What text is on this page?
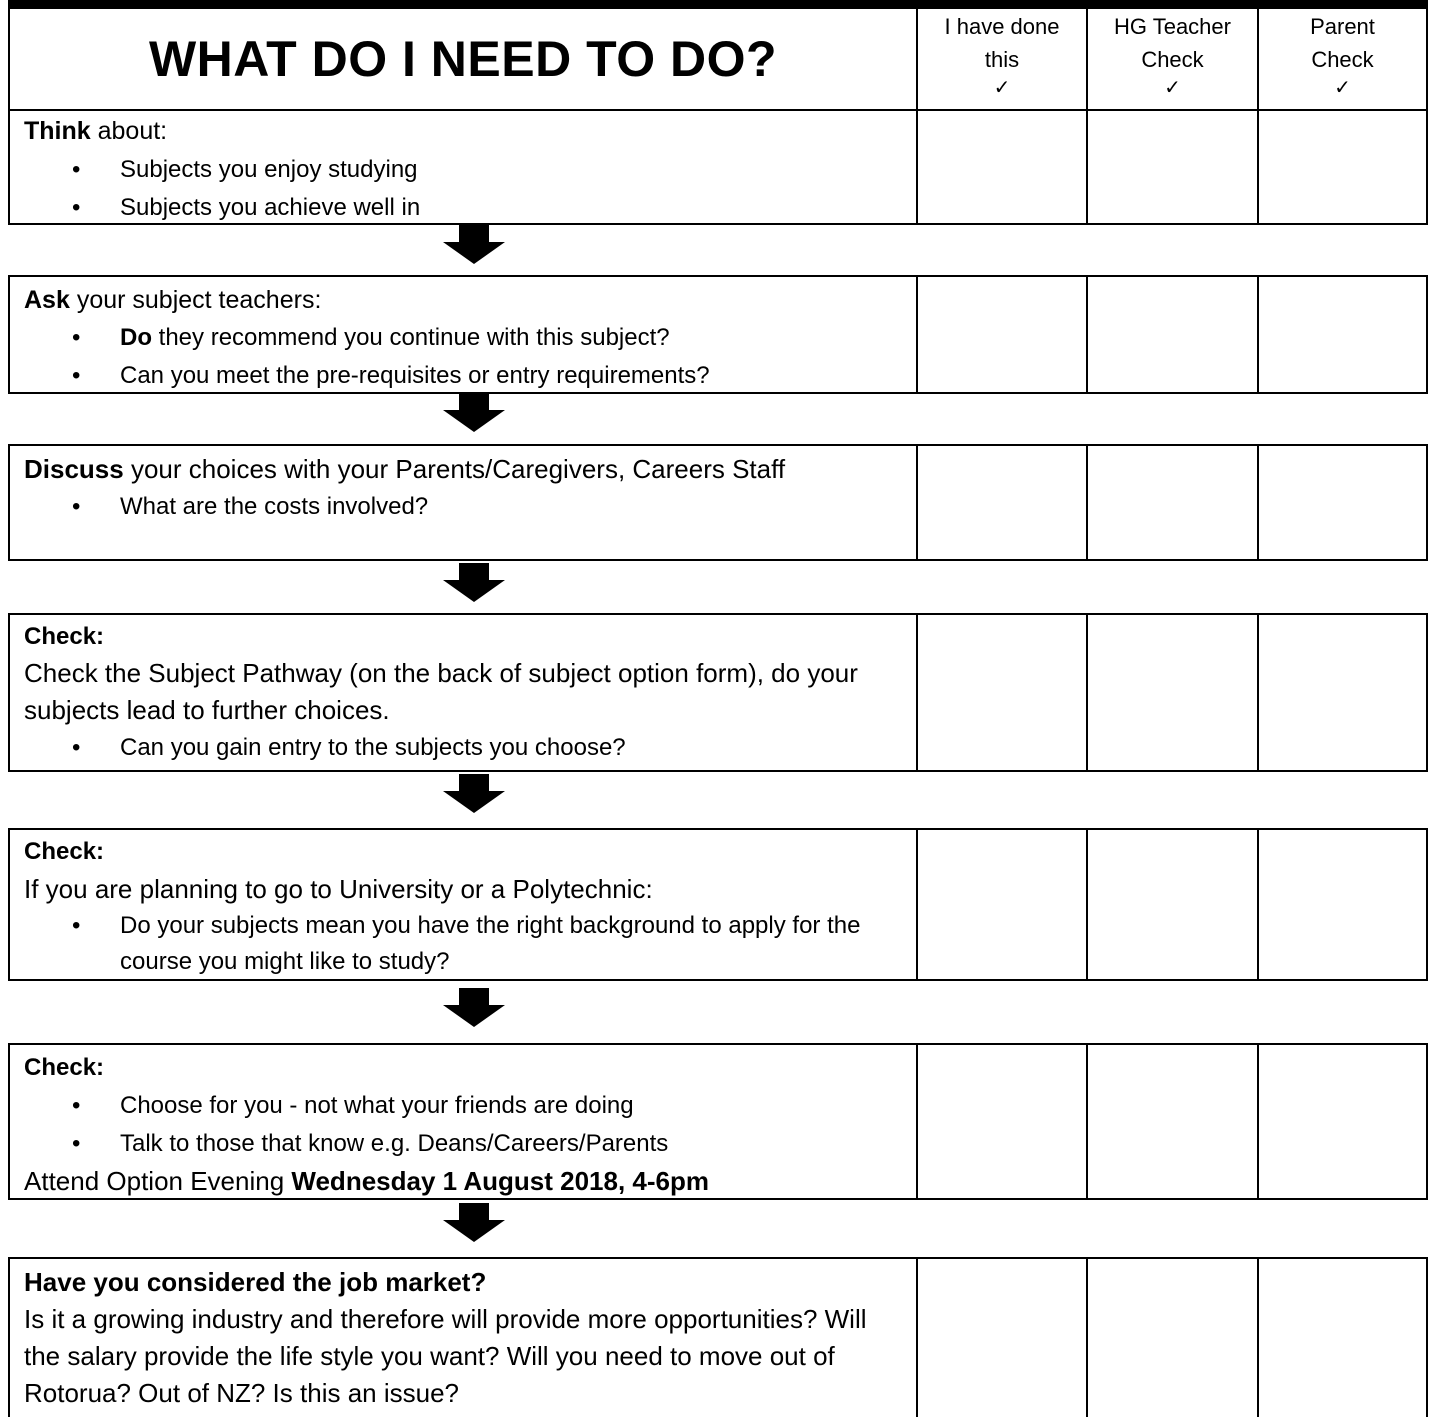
WHAT DO I NEED TO DO?
I have done
this
✓
HG Teacher
Check
✓
Parent
Check
✓
Think about:
• Subjects you enjoy studying
• Subjects you achieve well in
Ask your subject teachers:
• Do they recommend you continue with this subject?
• Can you meet the pre-requisites or entry requirements?
Discuss your choices with your Parents/Caregivers, Careers Staff
• What are the costs involved?
Check:
Check the Subject Pathway (on the back of subject option form), do your subjects lead to further choices.
• Can you gain entry to the subjects you choose?
Check:
If you are planning to go to University or a Polytechnic:
• Do your subjects mean you have the right background to apply for the course you might like to study?
Check:
• Choose for you - not what your friends are doing
• Talk to those that know e.g. Deans/Careers/Parents
Attend Option Evening Wednesday 1 August 2018, 4-6pm
Have you considered the job market?
Is it a growing industry and therefore will provide more opportunities? Will the salary provide the life style you want? Will you need to move out of Rotorua? Out of NZ? Is this an issue?
